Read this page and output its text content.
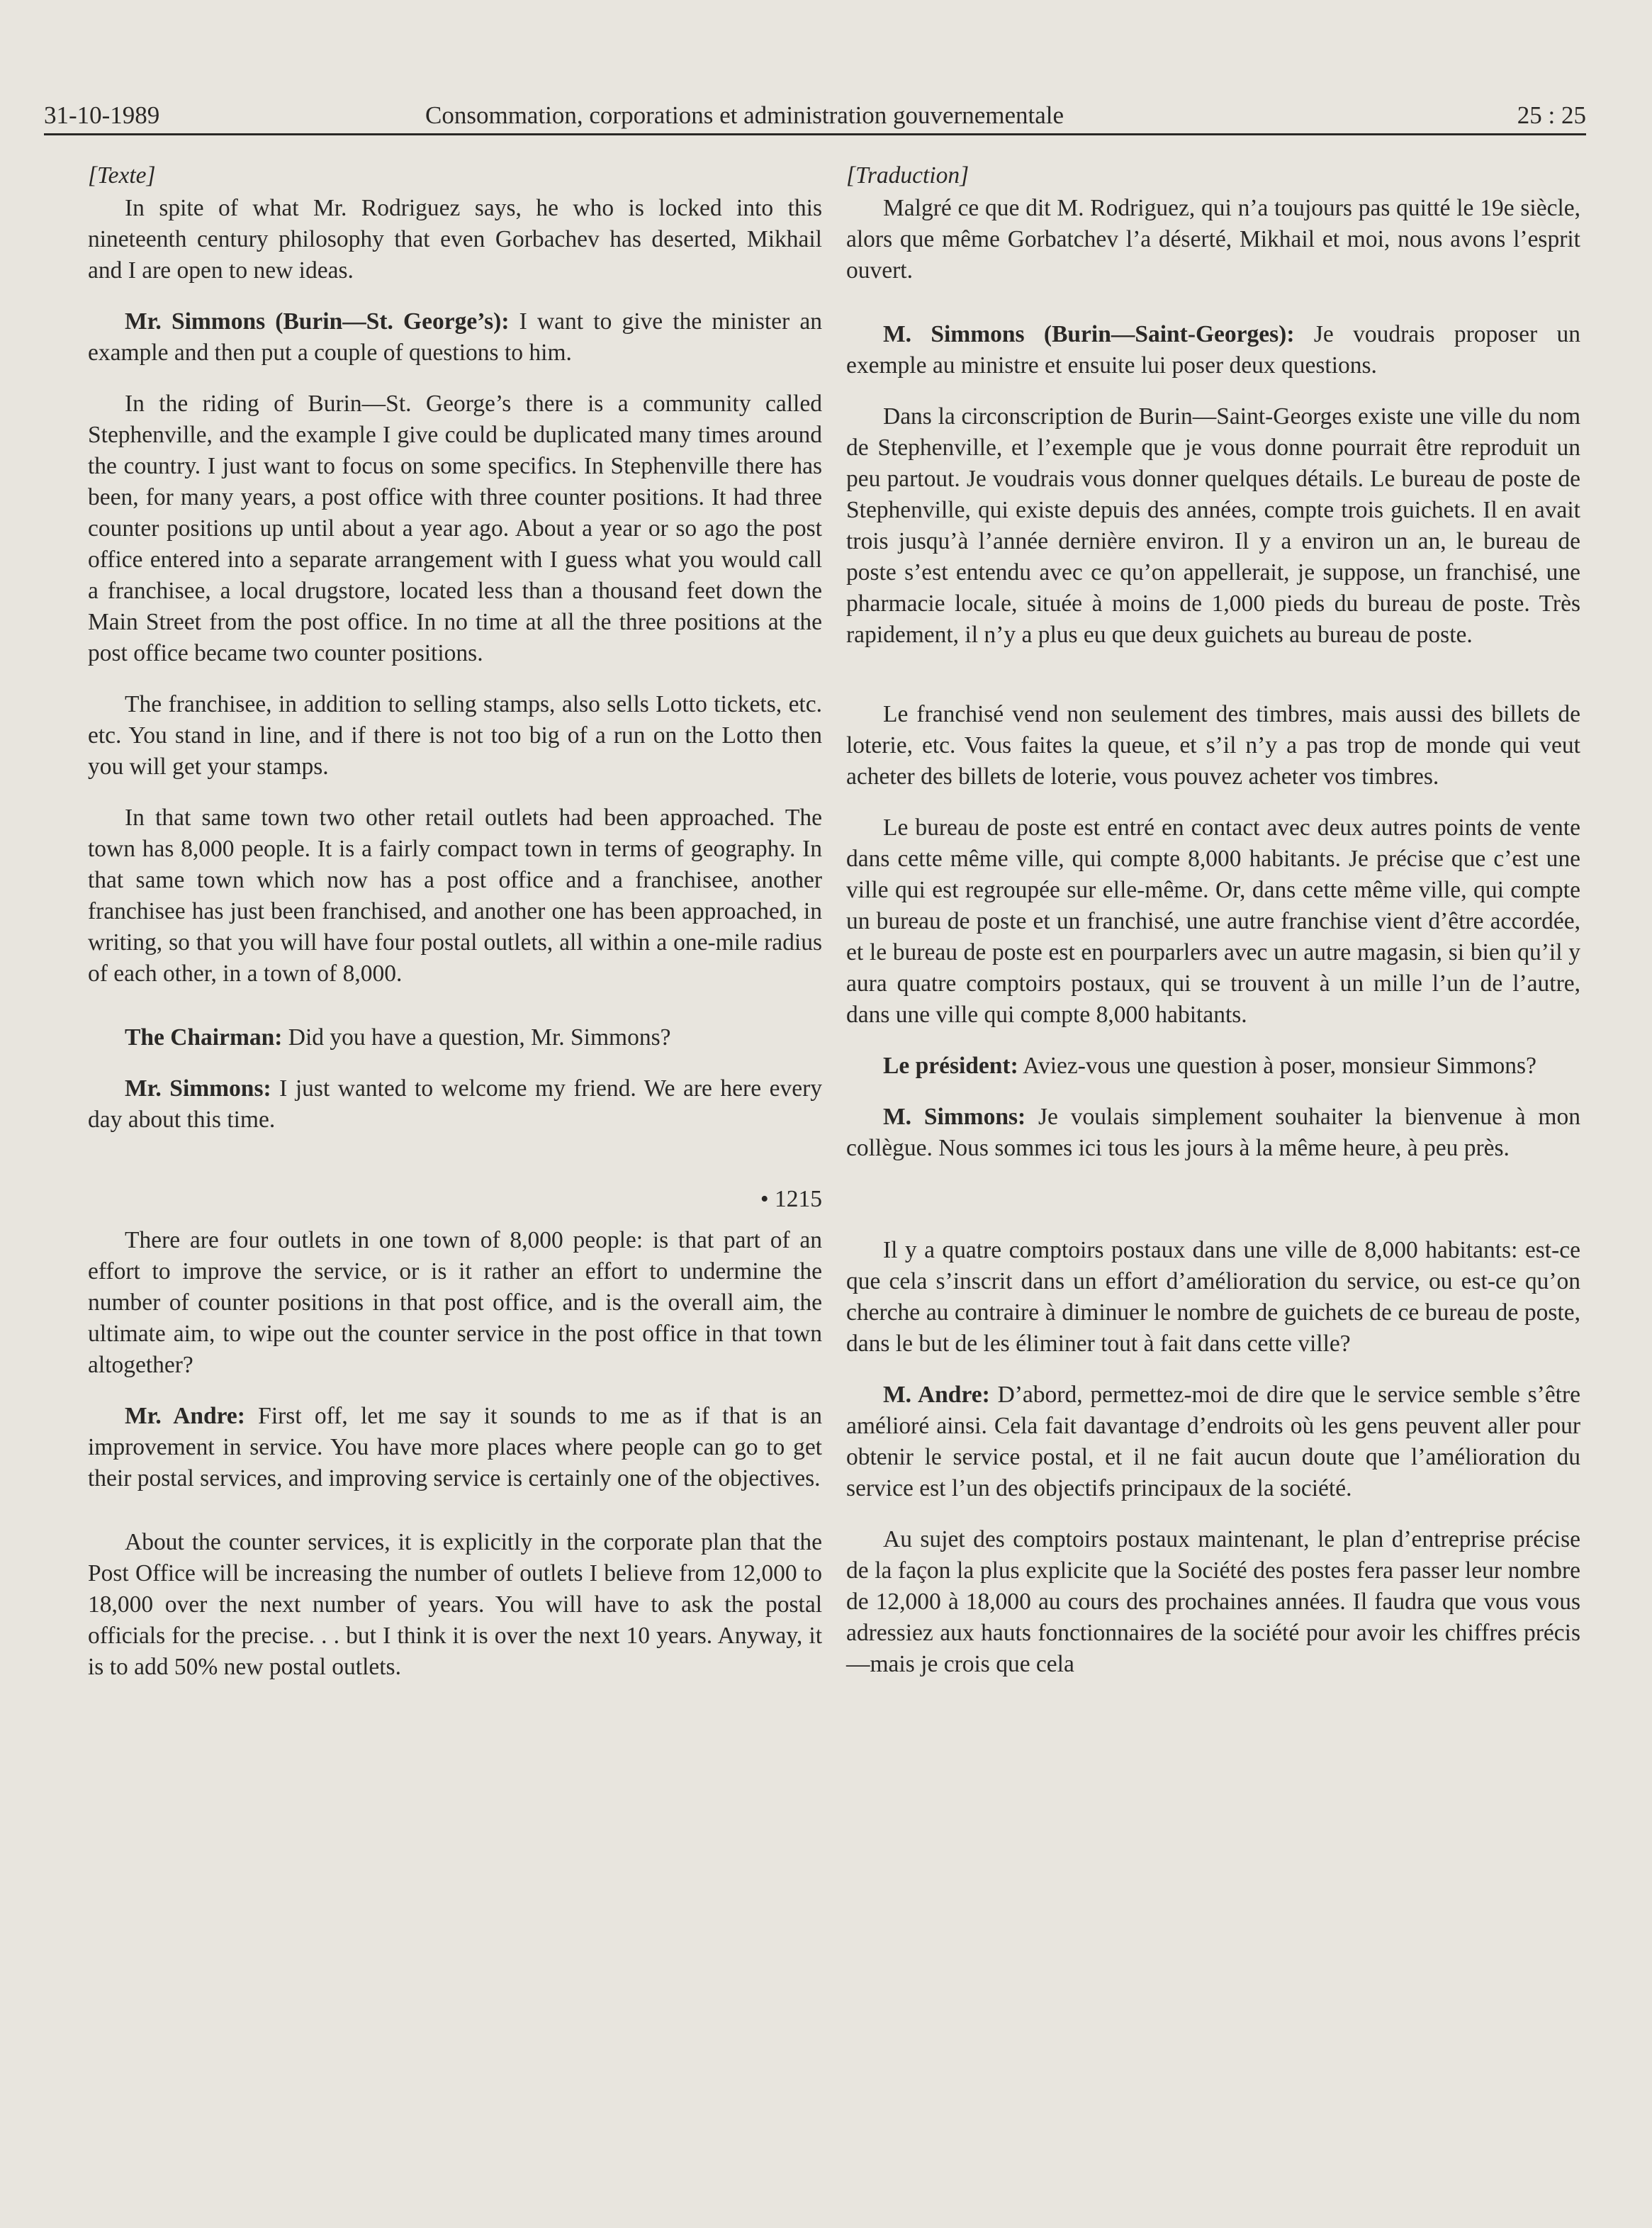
31-10-1989	Consommation, corporations et administration gouvernementale	25 : 25

[Texte]

In spite of what Mr. Rodriguez says, he who is locked into this nineteenth century philosophy that even Gorbachev has deserted, Mikhail and I are open to new ideas.

Mr. Simmons (Burin—St. George’s): I want to give the minister an example and then put a couple of questions to him.

In the riding of Burin—St. George’s there is a community called Stephenville, and the example I give could be duplicated many times around the country. I just want to focus on some specifics. In Stephenville there has been, for many years, a post office with three counter positions. It had three counter positions up until about a year ago. About a year or so ago the post office entered into a separate arrangement with I guess what you would call a franchisee, a local drugstore, located less than a thousand feet down the Main Street from the post office. In no time at all the three positions at the post office became two counter positions.

The franchisee, in addition to selling stamps, also sells Lotto tickets, etc. etc. You stand in line, and if there is not too big of a run on the Lotto then you will get your stamps.

In that same town two other retail outlets had been approached. The town has 8,000 people. It is a fairly compact town in terms of geography. In that same town which now has a post office and a franchisee, another franchisee has just been franchised, and another one has been approached, in writing, so that you will have four postal outlets, all within a one-mile radius of each other, in a town of 8,000.

The Chairman: Did you have a question, Mr. Simmons?

Mr. Simmons: I just wanted to welcome my friend. We are here every day about this time.

• 1215

There are four outlets in one town of 8,000 people: is that part of an effort to improve the service, or is it rather an effort to undermine the number of counter positions in that post office, and is the overall aim, the ultimate aim, to wipe out the counter service in the post office in that town altogether?

Mr. Andre: First off, let me say it sounds to me as if that is an improvement in service. You have more places where people can go to get their postal services, and improving service is certainly one of the objectives.

About the counter services, it is explicitly in the corporate plan that the Post Office will be increasing the number of outlets I believe from 12,000 to 18,000 over the next number of years. You will have to ask the postal officials for the precise. . . but I think it is over the next 10 years. Anyway, it is to add 50% new postal outlets.

[Traduction]

Malgré ce que dit M. Rodriguez, qui n’a toujours pas quitté le 19e siècle, alors que même Gorbatchev l’a déserté, Mikhail et moi, nous avons l’esprit ouvert.

M. Simmons (Burin—Saint-Georges): Je voudrais proposer un exemple au ministre et ensuite lui poser deux questions.

Dans la circonscription de Burin—Saint-Georges existe une ville du nom de Stephenville, et l’exemple que je vous donne pourrait être reproduit un peu partout. Je voudrais vous donner quelques détails. Le bureau de poste de Stephenville, qui existe depuis des années, compte trois guichets. Il en avait trois jusqu’à l’année dernière environ. Il y a environ un an, le bureau de poste s’est entendu avec ce qu’on appellerait, je suppose, un franchisé, une pharmacie locale, située à moins de 1,000 pieds du bureau de poste. Très rapidement, il n’y a plus eu que deux guichets au bureau de poste.

Le franchisé vend non seulement des timbres, mais aussi des billets de loterie, etc. Vous faites la queue, et s’il n’y a pas trop de monde qui veut acheter des billets de loterie, vous pouvez acheter vos timbres.

Le bureau de poste est entré en contact avec deux autres points de vente dans cette même ville, qui compte 8,000 habitants. Je précise que c’est une ville qui est regroupée sur elle-même. Or, dans cette même ville, qui compte un bureau de poste et un franchisé, une autre franchise vient d’être accordée, et le bureau de poste est en pourparlers avec un autre magasin, si bien qu’il y aura quatre comptoirs postaux, qui se trouvent à un mille l’un de l’autre, dans une ville qui compte 8,000 habitants.

Le président: Aviez-vous une question à poser, monsieur Simmons?

M. Simmons: Je voulais simplement souhaiter la bienvenue à mon collègue. Nous sommes ici tous les jours à la même heure, à peu près.

Il y a quatre comptoirs postaux dans une ville de 8,000 habitants: est-ce que cela s’inscrit dans un effort d’amélioration du service, ou est-ce qu’on cherche au contraire à diminuer le nombre de guichets de ce bureau de poste, dans le but de les éliminer tout à fait dans cette ville?

M. Andre: D’abord, permettez-moi de dire que le service semble s’être amélioré ainsi. Cela fait davantage d’endroits où les gens peuvent aller pour obtenir le service postal, et il ne fait aucun doute que l’amélioration du service est l’un des objectifs principaux de la société.

Au sujet des comptoirs postaux maintenant, le plan d’entreprise précise de la façon la plus explicite que la Société des postes fera passer leur nombre de 12,000 à 18,000 au cours des prochaines années. Il faudra que vous vous adressiez aux hauts fonctionnaires de la société pour avoir les chiffres précis—mais je crois que cela
